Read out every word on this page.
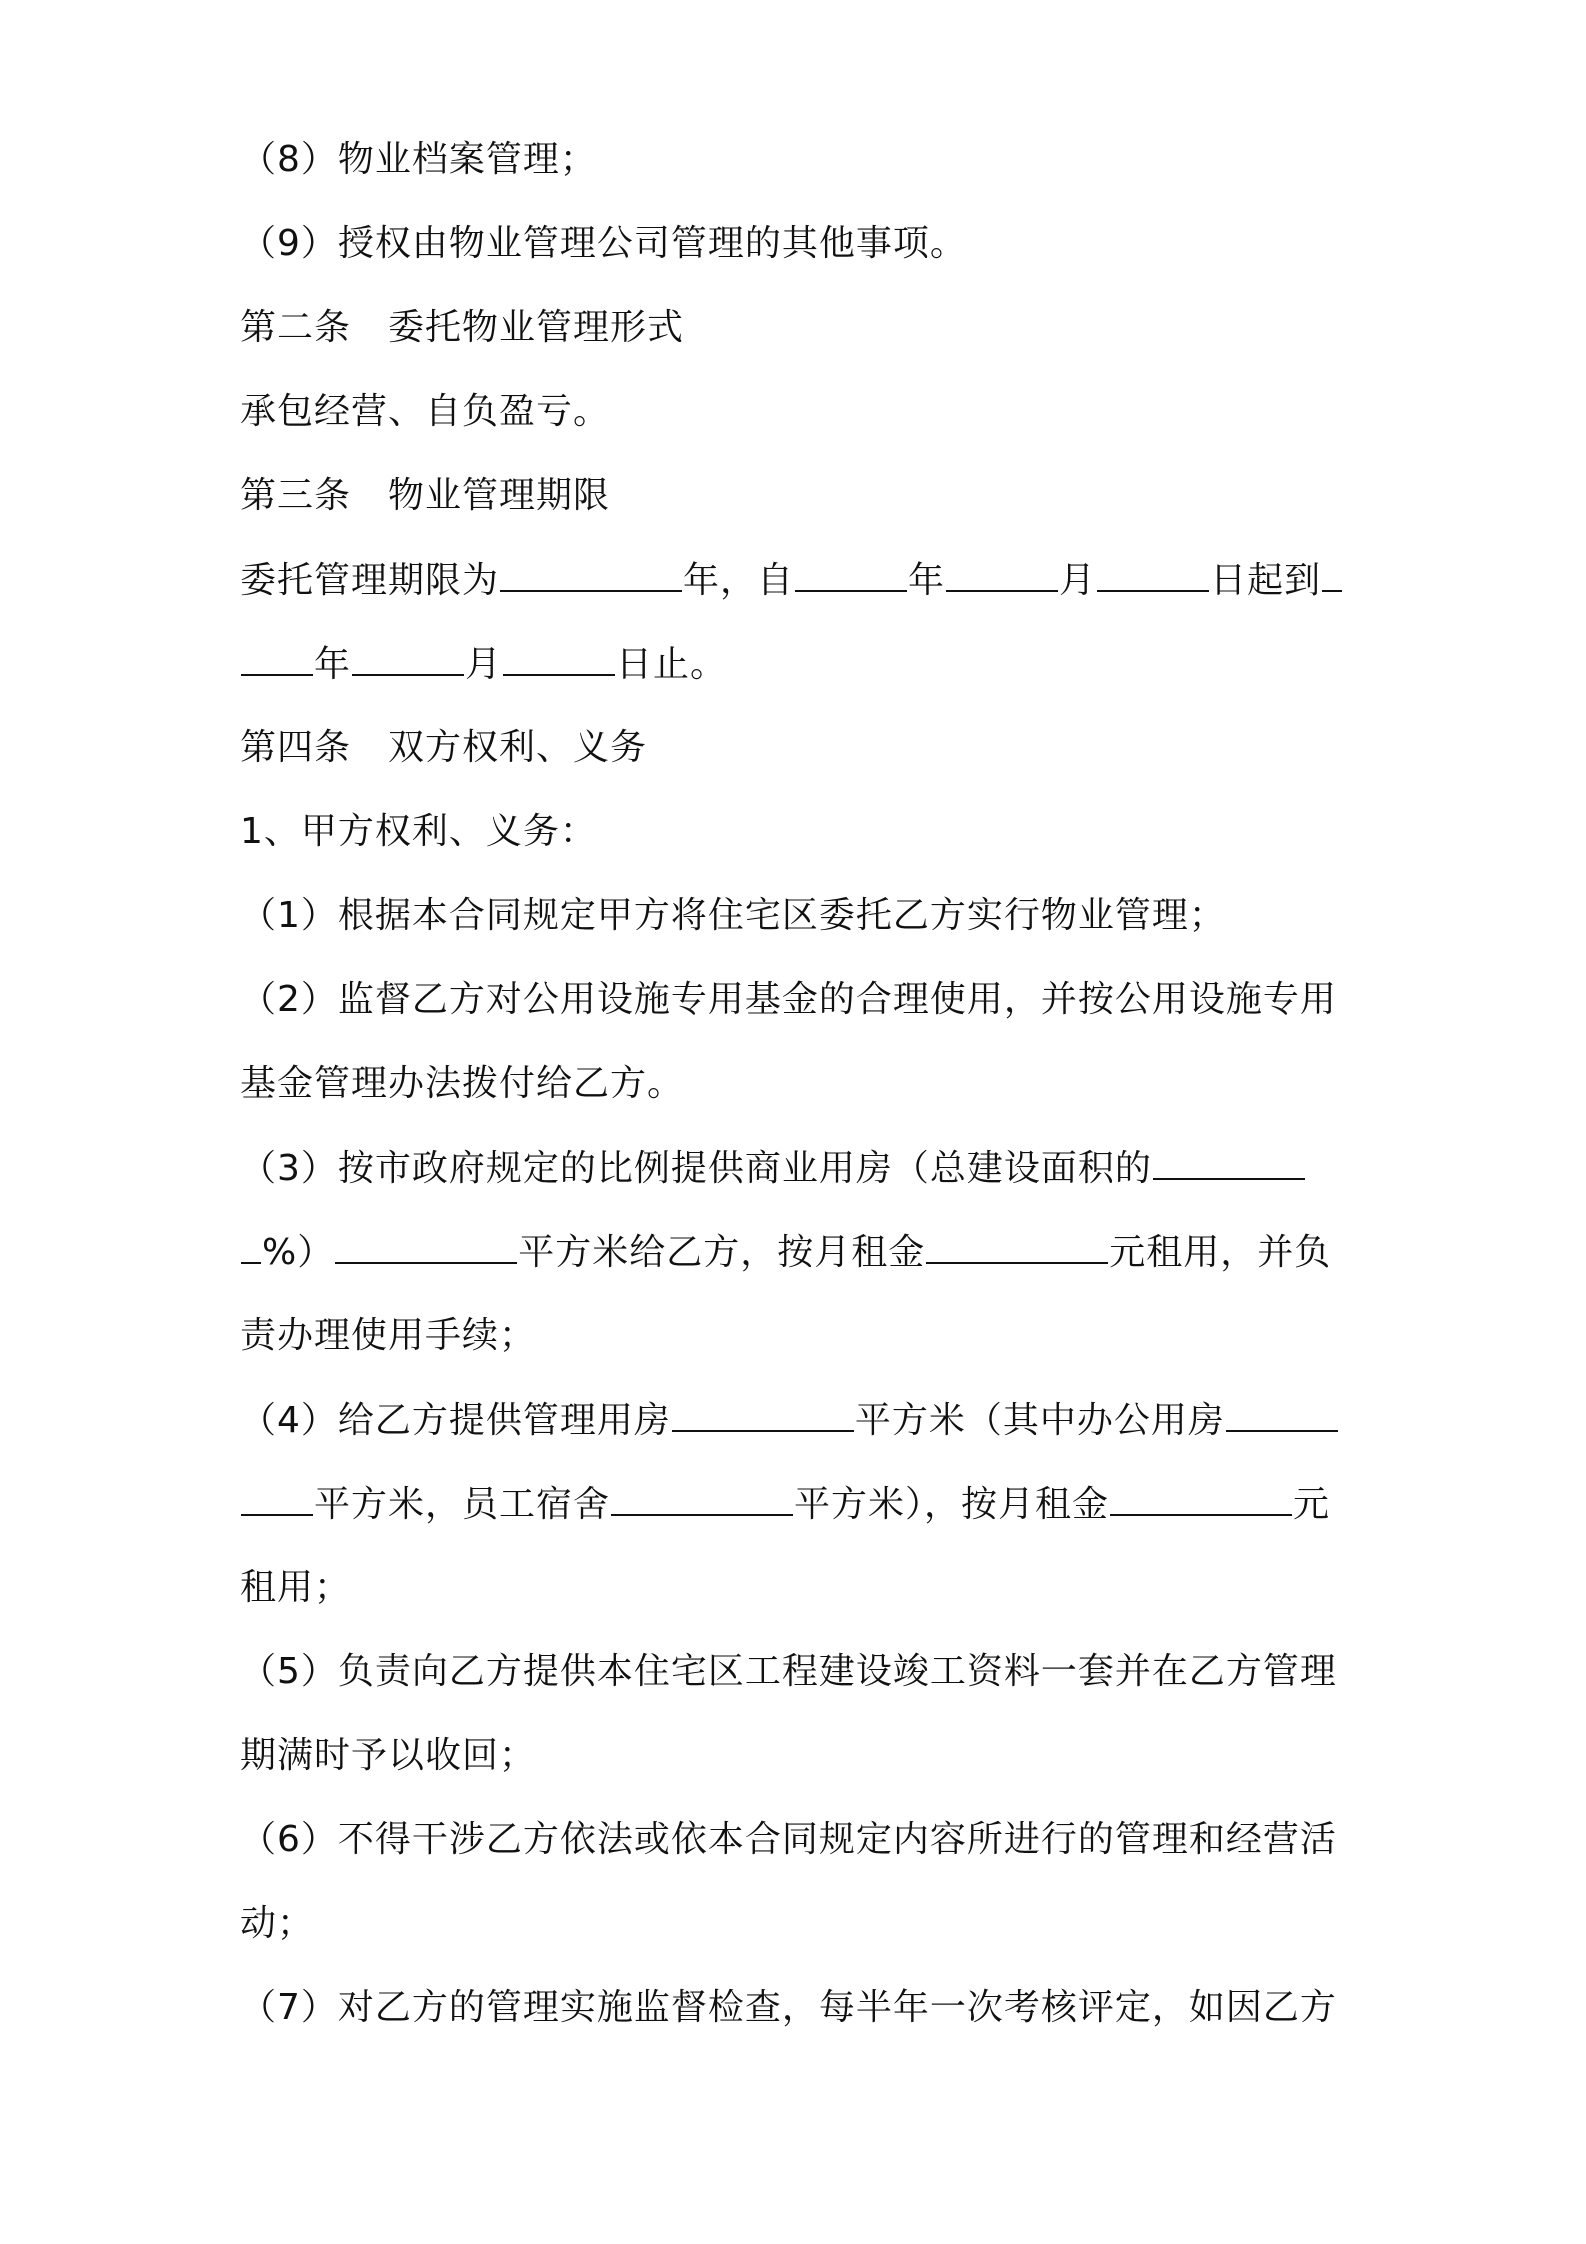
（8）物业档案管理；
（9）授权由物业管理公司管理的其他事项。
第二条　委托物业管理形式
承包经营、自负盈亏。
第三条　物业管理期限
委托管理期限为	年，自	年	月	日起到
年	月	日止。
第四条　双方权利、义务
1、甲方权利、义务：
（1）根据本合同规定甲方将住宅区委托乙方实行物业管理；
（2）监督乙方对公用设施专用基金的合理使用，并按公用设施专用
基金管理办法拨付给乙方。
（3）按市政府规定的比例提供商业用房（总建设面积的
%）	平方米给乙方，按月租金	元租用，并负
责办理使用手续；
（4）给乙方提供管理用房	平方米（其中办公用房
平方米，员工宿舍	平方米），按月租金	元
租用；
（5）负责向乙方提供本住宅区工程建设竣工资料一套并在乙方管理
期满时予以收回；
（6）不得干涉乙方依法或依本合同规定内容所进行的管理和经营活
动；
（7）对乙方的管理实施监督检查，每半年一次考核评定，如因乙方
